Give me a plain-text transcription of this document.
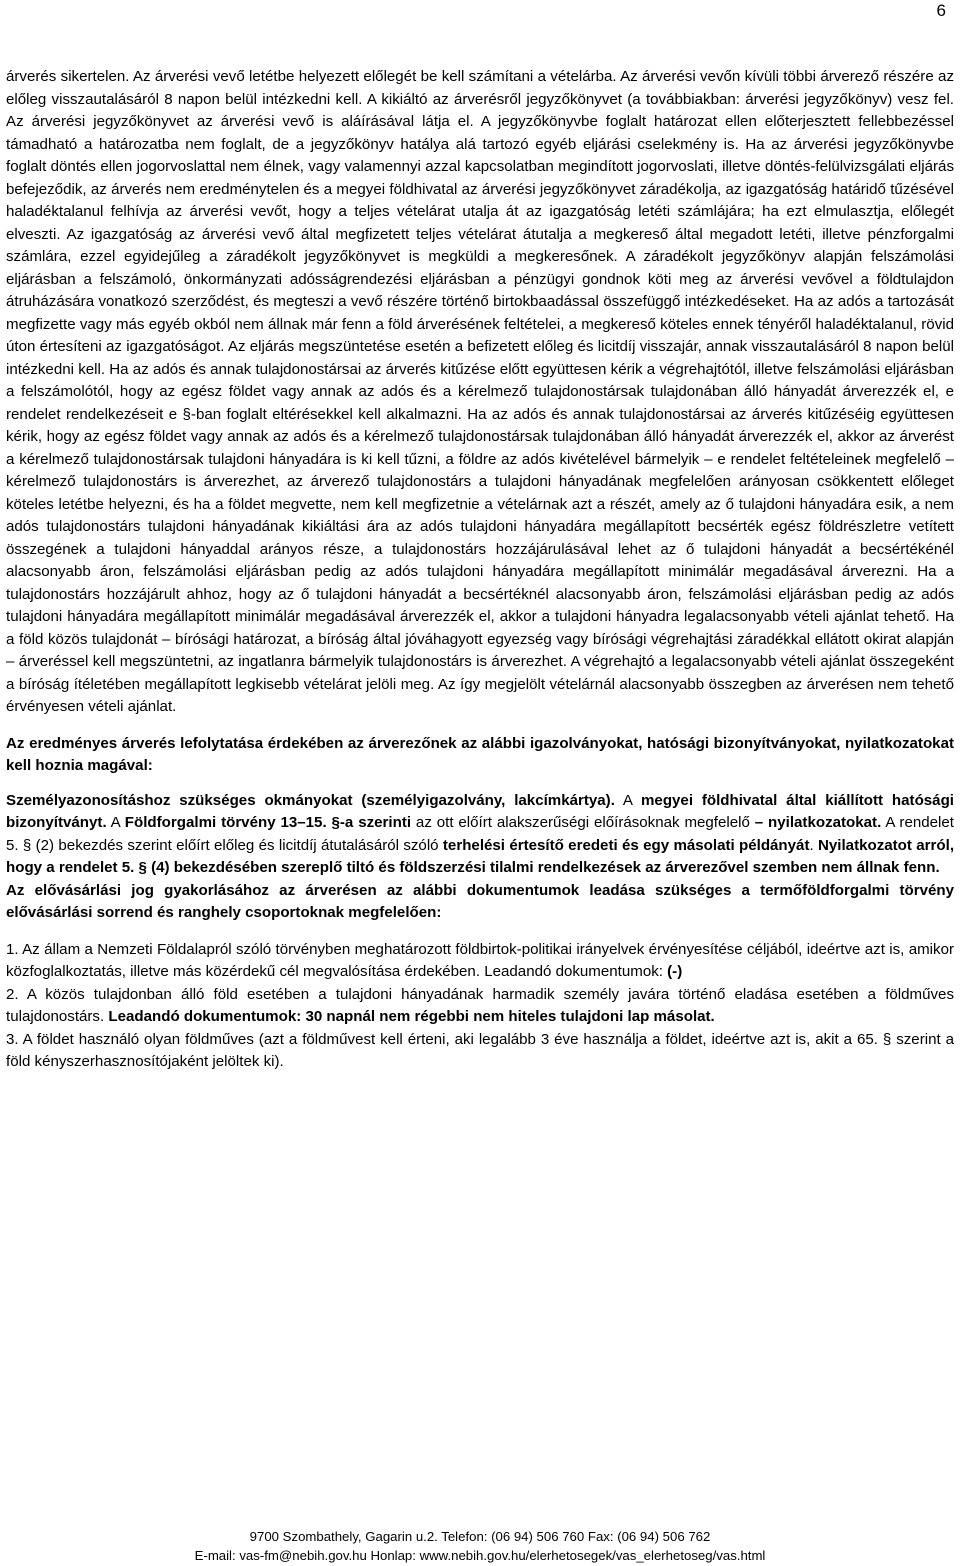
6

árverés sikertelen. Az árverési vevő letétbe helyezett előlegét be kell számítani a vételárba. Az árverési vevőn kívüli többi árverező részére az előleg visszautalásáról 8 napon belül intézkedni kell. A kikiáltó az árverésről jegyzőkönyvet (a továbbiakban: árverési jegyzőkönyv) vesz fel. Az árverési jegyzőkönyvet az árverési vevő is aláírásával látja el. A jegyzőkönyvbe foglalt határozat ellen előterjesztett fellebbezéssel támadható a határozatba nem foglalt, de a jegyzőkönyv hatálya alá tartozó egyéb eljárási cselekmény is. Ha az árverési jegyzőkönyvbe foglalt döntés ellen jogorvoslattal nem élnek, vagy valamennyi azzal kapcsolatban megindított jogorvoslati, illetve döntés-felülvizsgálati eljárás befejeződik, az árverés nem eredménytelen és a megyei földhivatal az árverési jegyzőkönyvet záradékolja, az igazgatóság határidő tűzésével haladéktalanul felhívja az árverési vevőt, hogy a teljes vételárat utalja át az igazgatóság letéti számlájára; ha ezt elmulasztja, előlegét elveszti. Az igazgatóság az árverési vevő által megfizetett teljes vételárat átutalja a megkereső által megadott letéti, illetve pénzforgalmi számlára, ezzel egyidejűleg a záradékolt jegyzőkönyvet is megküldi a megkeresőnek. A záradékolt jegyzőkönyv alapján felszámolási eljárásban a felszámoló, önkormányzati adósságrendezési eljárásban a pénzügyi gondnok köti meg az árverési vevővel a földtulajdon átruházására vonatkozó szerződést, és megteszi a vevő részére történő birtokbaadással összefüggő intézkedéseket. Ha az adós a tartozását megfizette vagy más egyéb okból nem állnak már fenn a föld árverésének feltételei, a megkereső köteles ennek tényéről haladéktalanul, rövid úton értesíteni az igazgatóságot. Az eljárás megszüntetése esetén a befizetett előleg és licitdíj visszajár, annak visszautalásáról 8 napon belül intézkedni kell. Ha az adós és annak tulajdonostársai az árverés kitűzése előtt együttesen kérik a végrehajtótól, illetve felszámolási eljárásban a felszámolótól, hogy az egész földet vagy annak az adós és a kérelmező tulajdonostársak tulajdonában álló hányadát árverezzék el, e rendelet rendelkezéseit e §-ban foglalt eltérésekkel kell alkalmazni. Ha az adós és annak tulajdonostársai az árverés kitűzéséig együttesen kérik, hogy az egész földet vagy annak az adós és a kérelmező tulajdonostársak tulajdonában álló hányadát árverezzék el, akkor az árverést a kérelmező tulajdonostársak tulajdoni hányadára is ki kell tűzni, a földre az adós kivételével bármelyik – e rendelet feltételeinek megfelelő – kérelmező tulajdonostárs is árverezhet, az árverező tulajdonostárs a tulajdoni hányadának megfelelően arányosan csökkentett előleget köteles letétbe helyezni, és ha a földet megvette, nem kell megfizetnie a vételárnak azt a részét, amely az ő tulajdoni hányadára esik, a nem adós tulajdonostárs tulajdoni hányadának kikiáltási ára az adós tulajdoni hányadára megállapított becsérték egész földrészletre vetített összegének a tulajdoni hányaddal arányos része, a tulajdonostárs hozzájárulásával lehet az ő tulajdoni hányadát a becsértékénél alacsonyabb áron, felszámolási eljárásban pedig az adós tulajdoni hányadára megállapított minimálár megadásával árverezni. Ha a tulajdonostárs hozzájárult ahhoz, hogy az ő tulajdoni hányadát a becsértéknél alacsonyabb áron, felszámolási eljárásban pedig az adós tulajdoni hányadára megállapított minimálár megadásával árverezzék el, akkor a tulajdoni hányadra legalacsonyabb vételi ajánlat tehető. Ha a föld közös tulajdonát – bírósági határozat, a bíróság által jóváhagyott egyezség vagy bírósági végrehajtási záradékkal ellátott okirat alapján – árveréssel kell megszüntetni, az ingatlanra bármelyik tulajdonostárs is árverezhet. A végrehajtó a legalacsonyabb vételi ajánlat összegeként a bíróság ítéletében megállapított legkisebb vételárat jelöli meg. Az így megjelölt vételárnál alacsonyabb összegben az árverésen nem tehető érvényesen vételi ajánlat.

Az eredményes árverés lefolytatása érdekében az árverezőnek az alábbi igazolványokat, hatósági bizonyítványokat, nyilatkozatokat kell hoznia magával:

Személyazonosításhoz szükséges okmányokat (személyigazolvány, lakcímkártya). A megyei földhivatal által kiállított hatósági bizonyítványt. A Földforgalmi törvény 13–15. §-a szerinti az ott előírt alakszerűségi előírásoknak megfelelő – nyilatkozatokat. A rendelet 5. § (2) bekezdés szerint előírt előleg és licitdíj átutalásáról szóló terhelési értesítő eredeti és egy másolati példányát. Nyilatkozatot arról, hogy a rendelet 5. § (4) bekezdésében szereplő tiltó és földszerzési tilalmi rendelkezések az árverezővel szemben nem állnak fenn.

Az elővásárlási jog gyakorlásához az árverésen az alábbi dokumentumok leadása szükséges a termőföldforgalmi törvény elővásárlási sorrend és ranghely csoportoknak megfelelően:

1. Az állam a Nemzeti Földalapról szóló törvényben meghatározott földbirtok-politikai irányelvek érvényesítése céljából, ideértve azt is, amikor közfoglalkoztatás, illetve más közérdekű cél megvalósítása érdekében. Leadandó dokumentumok: (-)

2. A közös tulajdonban álló föld esetében a tulajdoni hányadának harmadik személy javára történő eladása esetében a földműves tulajdonostárs. Leadandó dokumentumok: 30 napnál nem régebbi nem hiteles tulajdoni lap másolat.

3. A földet használó olyan földműves (azt a földművest kell érteni, aki legalább 3 éve használja a földet, ideértve azt is, akit a 65. § szerint a föld kényszerhasznosítójaként jelöltek ki).

9700 Szombathely, Gagarin u.2. Telefon: (06 94) 506 760 Fax: (06 94) 506 762
E-mail: vas-fm@nebih.gov.hu Honlap: www.nebih.gov.hu/elerhetosegek/vas_elerhetoseg/vas.html
